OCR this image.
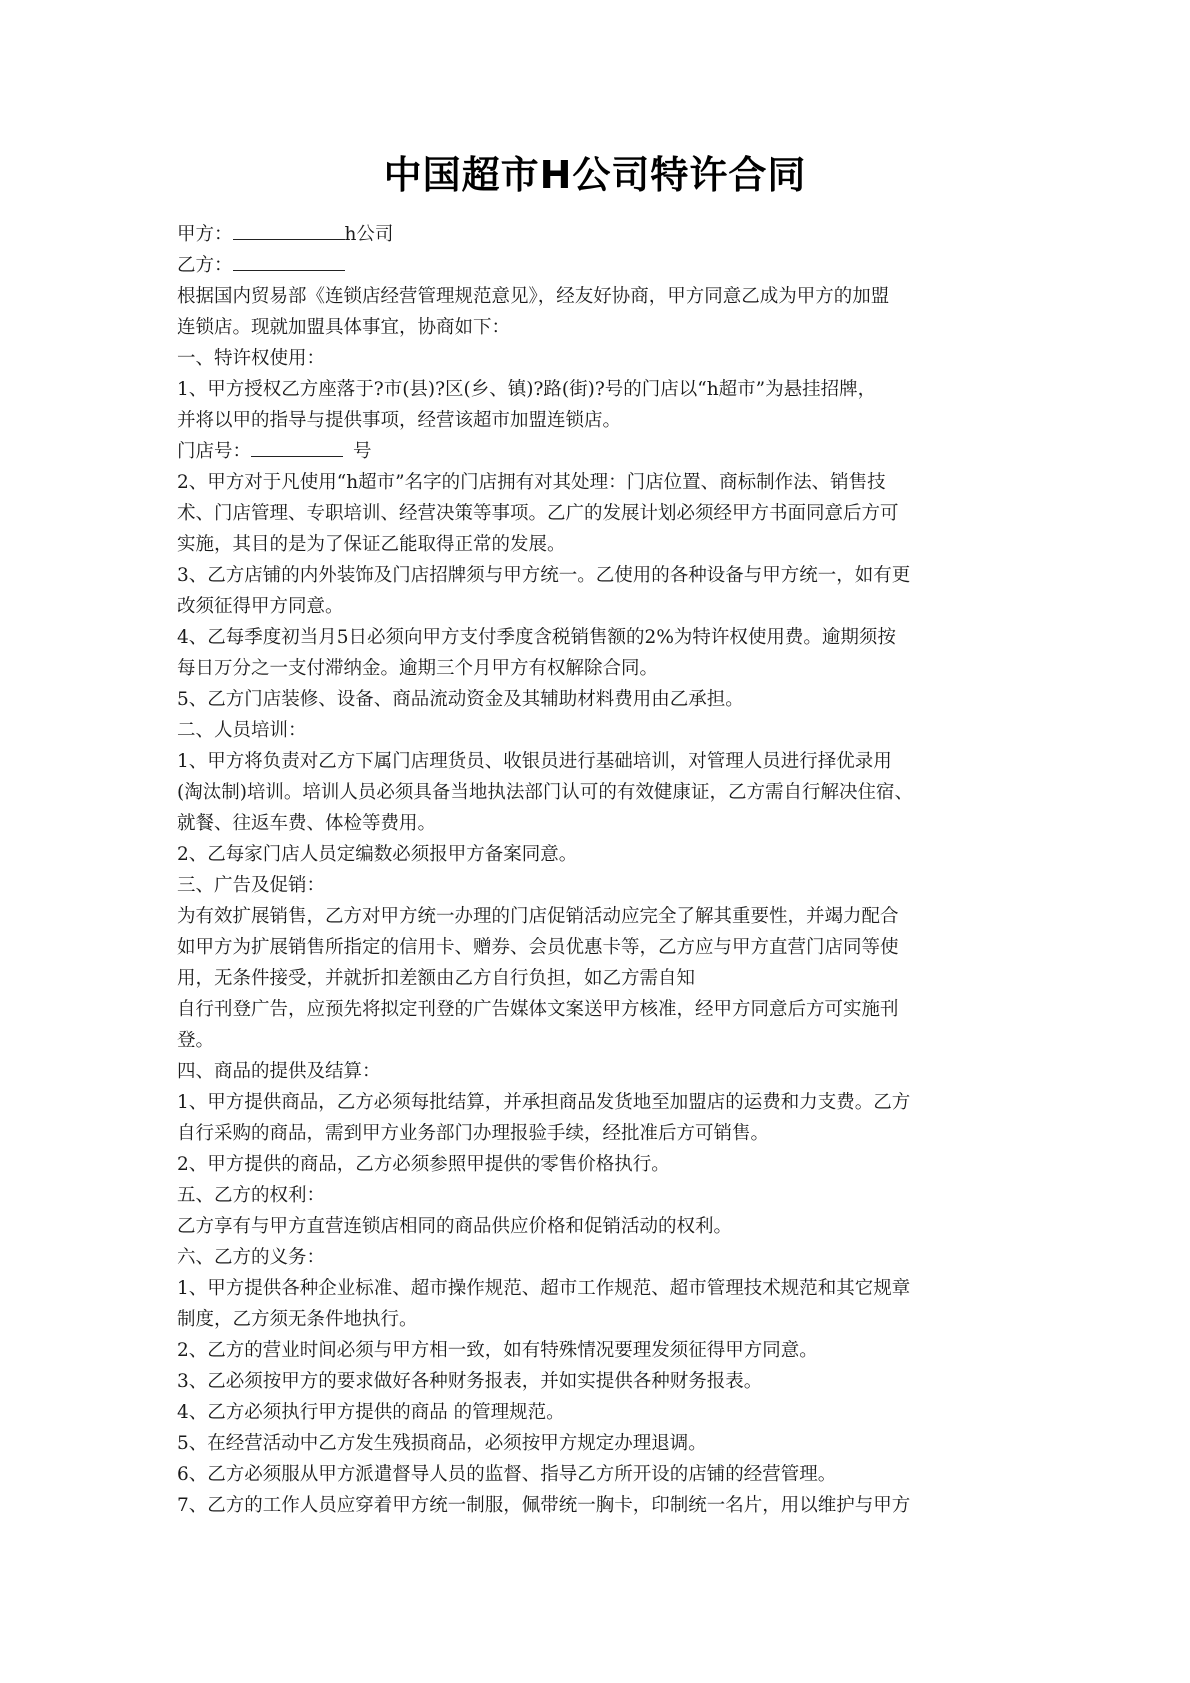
中国超市H公司特许合同
甲方：	h公司
乙方：
根据国内贸易部《连锁店经营管理规范意见》，经友好协商，甲方同意乙成为甲方的加盟
连锁店。现就加盟具体事宜，协商如下：
一、特许权使用：
1、甲方授权乙方座落于?市(县)?区(乡、镇)?路(街)?号的门店以“h超市”为悬挂招牌，
并将以甲的指导与提供事项，经营该超市加盟连锁店。
门店号：	号
2、甲方对于凡使用“h超市”名字的门店拥有对其处理：门店位置、商标制作法、销售技
术、门店管理、专职培训、经营决策等事项。乙广的发展计划必须经甲方书面同意后方可
实施，其目的是为了保证乙能取得正常的发展。
3、乙方店铺的内外装饰及门店招牌须与甲方统一。乙使用的各种设备与甲方统一，如有更
改须征得甲方同意。
4、乙每季度初当月5日必须向甲方支付季度含税销售额的2%为特许权使用费。逾期须按
每日万分之一支付滞纳金。逾期三个月甲方有权解除合同。
5、乙方门店装修、设备、商品流动资金及其辅助材料费用由乙承担。
二、人员培训：
1、甲方将负责对乙方下属门店理货员、收银员进行基础培训，对管理人员进行择优录用
(淘汰制)培训。培训人员必须具备当地执法部门认可的有效健康证，乙方需自行解决住宿、
就餐、往返车费、体检等费用。
2、乙每家门店人员定编数必须报甲方备案同意。
三、广告及促销：
为有效扩展销售，乙方对甲方统一办理的门店促销活动应完全了解其重要性，并竭力配合
如甲方为扩展销售所指定的信用卡、赠券、会员优惠卡等，乙方应与甲方直营门店同等使
用，无条件接受，并就折扣差额由乙方自行负担，如乙方需自知
自行刊登广告，应预先将拟定刊登的广告媒体文案送甲方核准，经甲方同意后方可实施刊
登。
四、商品的提供及结算：
1、甲方提供商品，乙方必须每批结算，并承担商品发货地至加盟店的运费和力支费。乙方
自行采购的商品，需到甲方业务部门办理报验手续，经批准后方可销售。
2、甲方提供的商品，乙方必须参照甲提供的零售价格执行。
五、乙方的权利：
乙方享有与甲方直营连锁店相同的商品供应价格和促销活动的权利。
六、乙方的义务：
1、甲方提供各种企业标准、超市操作规范、超市工作规范、超市管理技术规范和其它规章
制度，乙方须无条件地执行。
2、乙方的营业时间必须与甲方相一致，如有特殊情况要理发须征得甲方同意。
3、乙必须按甲方的要求做好各种财务报表，并如实提供各种财务报表。
4、乙方必须执行甲方提供的商品 的管理规范。
5、在经营活动中乙方发生残损商品，必须按甲方规定办理退调。
6、乙方必须服从甲方派遣督导人员的监督、指导乙方所开设的店铺的经营管理。
7、乙方的工作人员应穿着甲方统一制服，佩带统一胸卡，印制统一名片，用以维护与甲方
